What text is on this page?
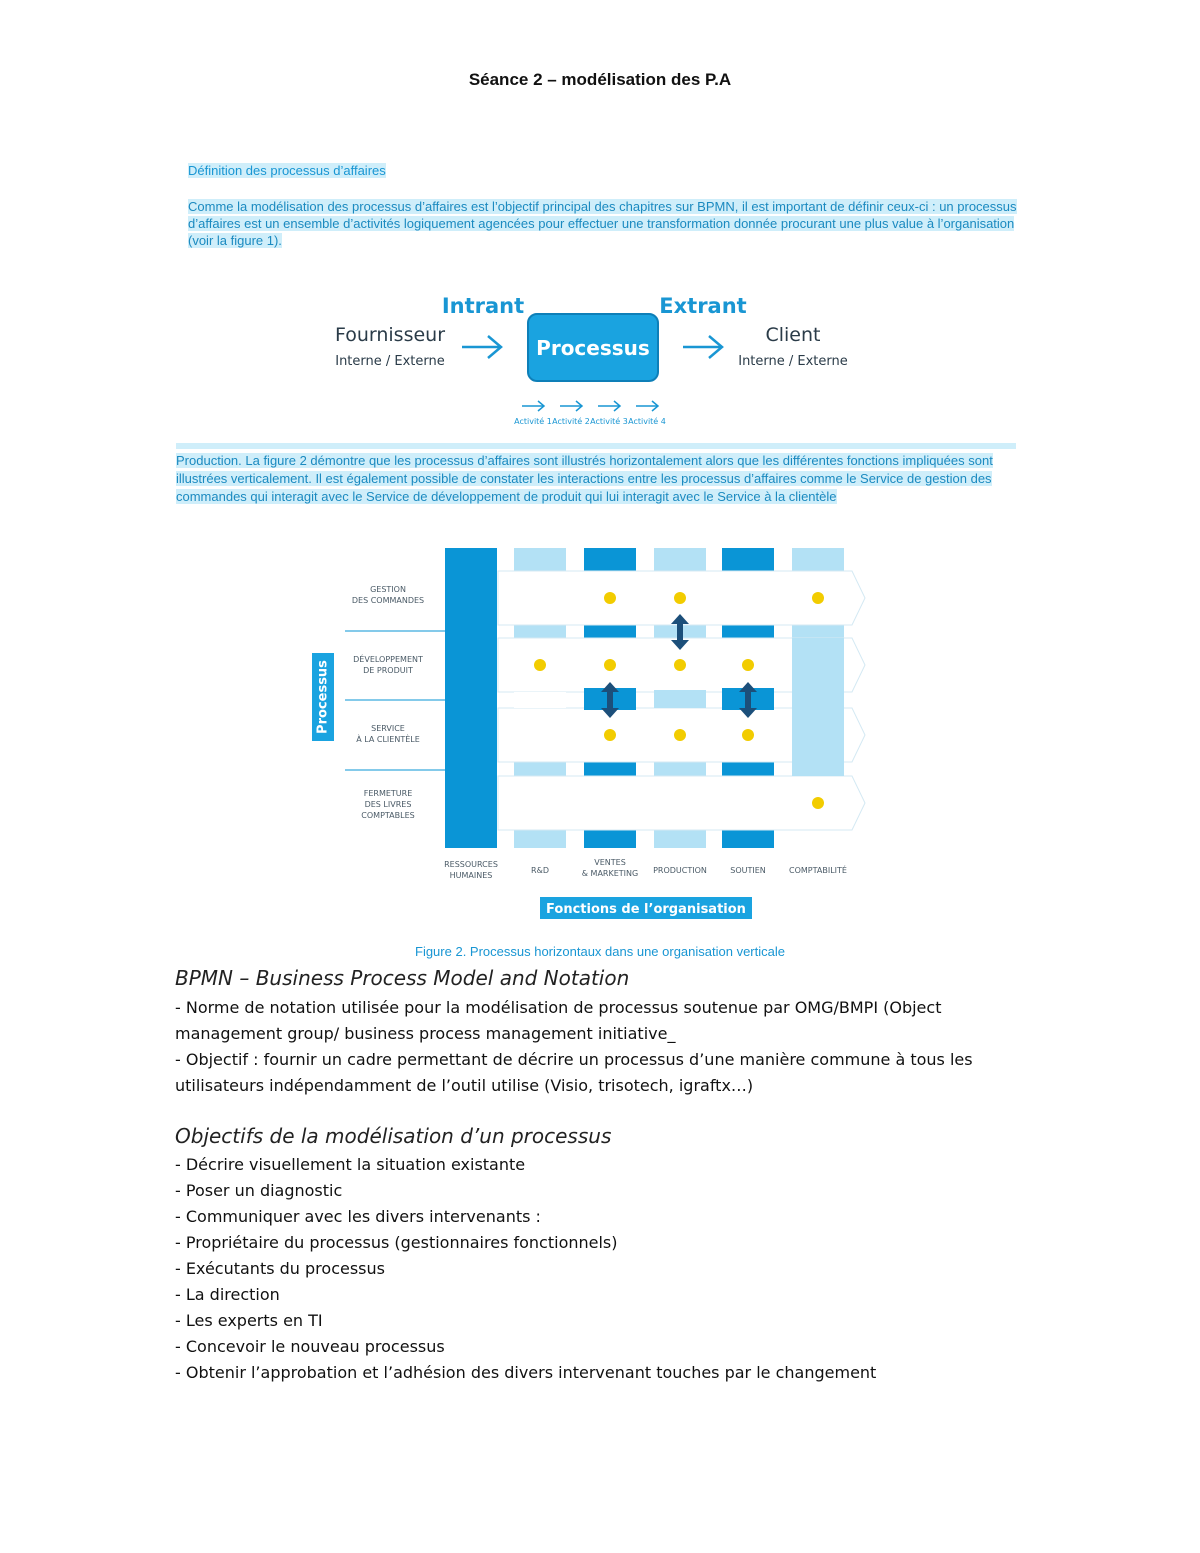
Séance 2 – modélisation des P.A
Définition des processus d’affaires
Comme la modélisation des processus d’affaires est l’objectif principal des chapitres sur BPMN, il est important de définir ceux-ci : un processus d’affaires est un ensemble d’activités logiquement agencées pour effectuer une transformation donnée procurant une plus value à l’organisation (voir la figure 1).
Intrant	Extrant
Fournisseur
Interne / Externe
Processus
Client
Interne / Externe
Activité 1 Activité 2 Activité 3 Activité 4
Production. La figure 2 démontre que les processus d’affaires sont illustrés horizontalement alors que les différentes fonctions impliquées sont illustrées verticalement. Il est également possible de constater les interactions entre les processus d’affaires comme le Service de gestion des commandes qui interagit avec le Service de développement de produit qui lui interagit avec le Service à la clientèle
Processus
GESTION
DES COMMANDES
DÉVELOPPEMENT
DE PRODUIT
SERVICE
À LA CLIENTÈLE
FERMETURE
DES LIVRES
COMPTABLES
RESSOURCES
HUMAINES
R&D
VENTES
& MARKETING PRODUCTION	SOUTIEN	COMPTABILITÉ
Fonctions de l’organisation
Figure 2. Processus horizontaux dans une organisation verticale
BPMN – Business Process Model and Notation
- Norme de notation utilisée pour la modélisation de processus soutenue par OMG/BMPI (Object management group/ business process management initiative_
- Objectif : fournir un cadre permettant de décrire un processus d’une manière commune à tous les utilisateurs indépendamment de l’outil utilise (Visio, trisotech, igraftx…)
Objectifs de la modélisation d’un processus
- Décrire visuellement la situation existante
- Poser un diagnostic
- Communiquer avec les divers intervenants :
- Propriétaire du processus (gestionnaires fonctionnels)
- Exécutants du processus
- La direction
- Les experts en TI
- Concevoir le nouveau processus
- Obtenir l’approbation et l’adhésion des divers intervenant touches par le changement
